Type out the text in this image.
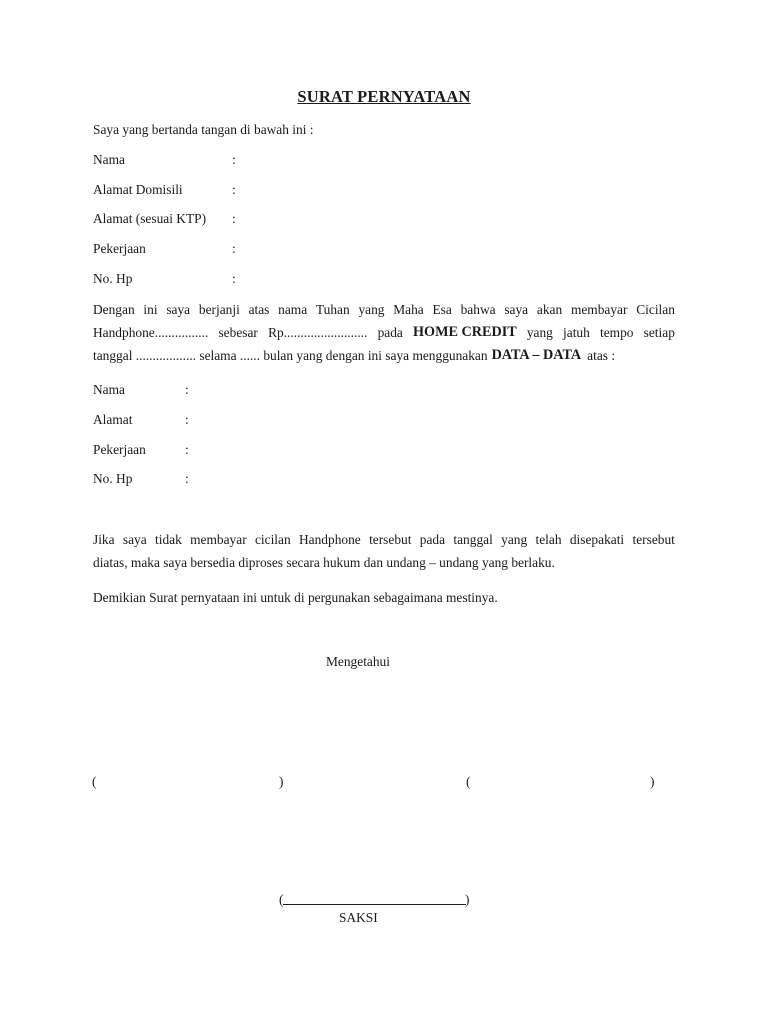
SURAT PERNYATAAN
Saya yang bertanda tangan di bawah ini :
Nama	:
Alamat Domisili	:
Alamat (sesuai KTP) :
Pekerjaan	:
No. Hp	:
Dengan ini saya berjanji atas nama Tuhan yang Maha Esa bahwa saya akan membayar Cicilan
Handphone................ sebesar Rp......................... pada HOME CREDIT yang jatuh tempo setiap
tanggal .................. selama ...... bulan yang dengan ini saya menggunakan DATA – DATA atas :
Nama	:
Alamat	:
Pekerjaan	:
No. Hp	:
Jika saya tidak membayar cicilan Handphone tersebut pada tanggal yang telah disepakati tersebut
diatas, maka saya bersedia diproses secara hukum dan undang – undang yang berlaku.
Demikian Surat pernyataan ini untuk di pergunakan sebagaimana mestinya.
Mengetahui
(	)	(	)
(	)
SAKSI
